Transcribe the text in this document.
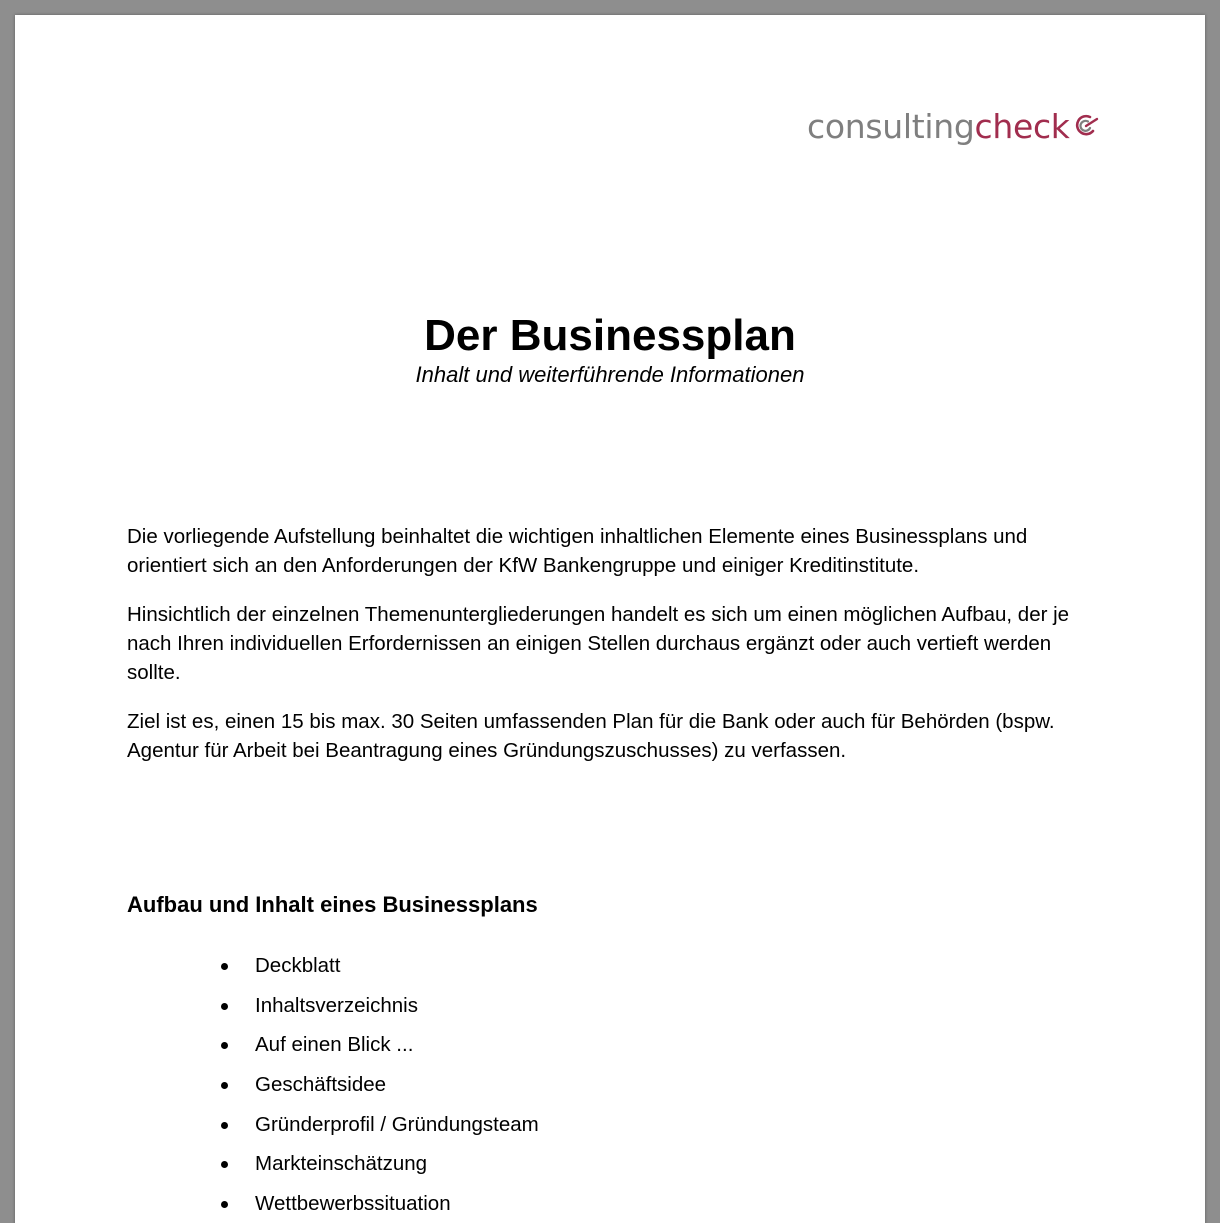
consulting check
Der Businessplan
Inhalt und weiterführende Informationen

Die vorliegende Aufstellung beinhaltet die wichtigen inhaltlichen Elemente eines Businessplans und orientiert sich an den Anforderungen der KfW Bankengruppe und einiger Kreditinstitute.

Hinsichtlich der einzelnen Themenuntergliederungen handelt es sich um einen möglichen Aufbau, der je nach Ihren individuellen Erfordernissen an einigen Stellen durchaus ergänzt oder auch vertieft werden sollte.

Ziel ist es, einen 15 bis max. 30 Seiten umfassenden Plan für die Bank oder auch für Behörden (bspw. Agentur für Arbeit bei Beantragung eines Gründungszuschusses) zu verfassen.

Aufbau und Inhalt eines Businessplans
Deckblatt
Inhaltsverzeichnis
Auf einen Blick ...
Geschäftsidee
Gründerprofil / Gründungsteam
Markteinschätzung
Wettbewerbssituation
